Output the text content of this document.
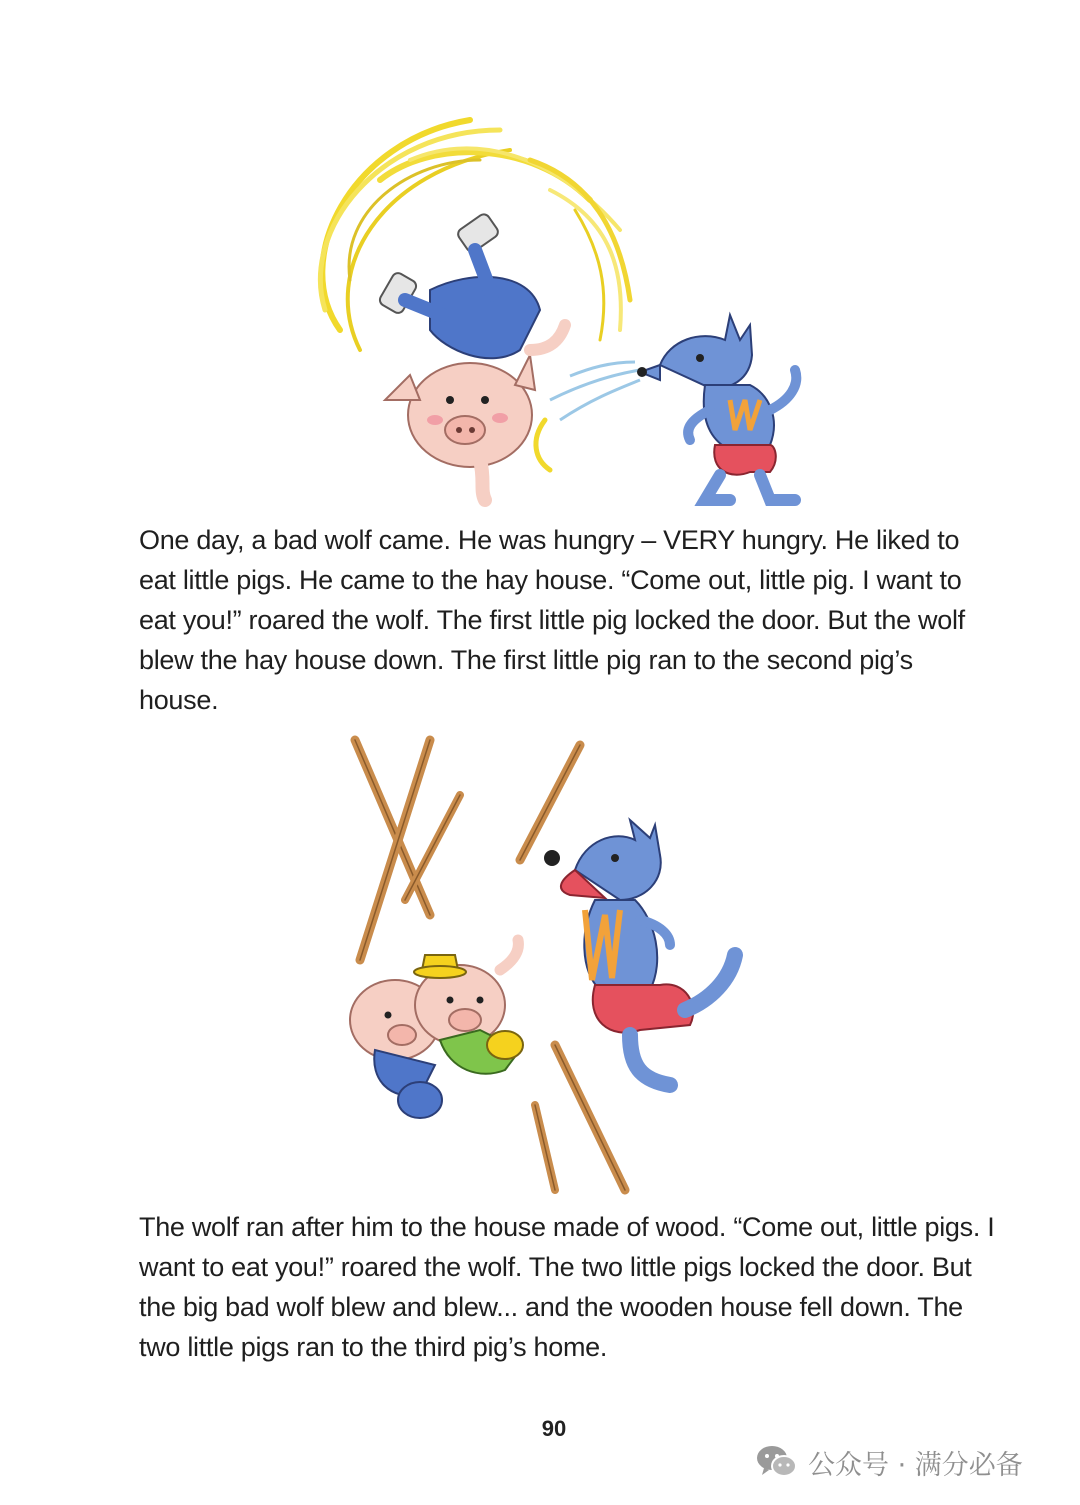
One day, a bad wolf came. He was hungry – VERY hungry. He liked to eat little pigs. He came to the hay house. “Come out, little pig. I want to eat you!” roared the wolf. The first little pig locked the door. But the wolf blew the hay house down. The first little pig ran to the second pig’s house.

The wolf ran after him to the house made of wood. “Come out, little pigs. I want to eat you!” roared the wolf. The two little pigs locked the door. But the big bad wolf blew and blew... and the wooden house fell down. The two little pigs ran to the third pig’s home.

90
公众号 · 满分必备
